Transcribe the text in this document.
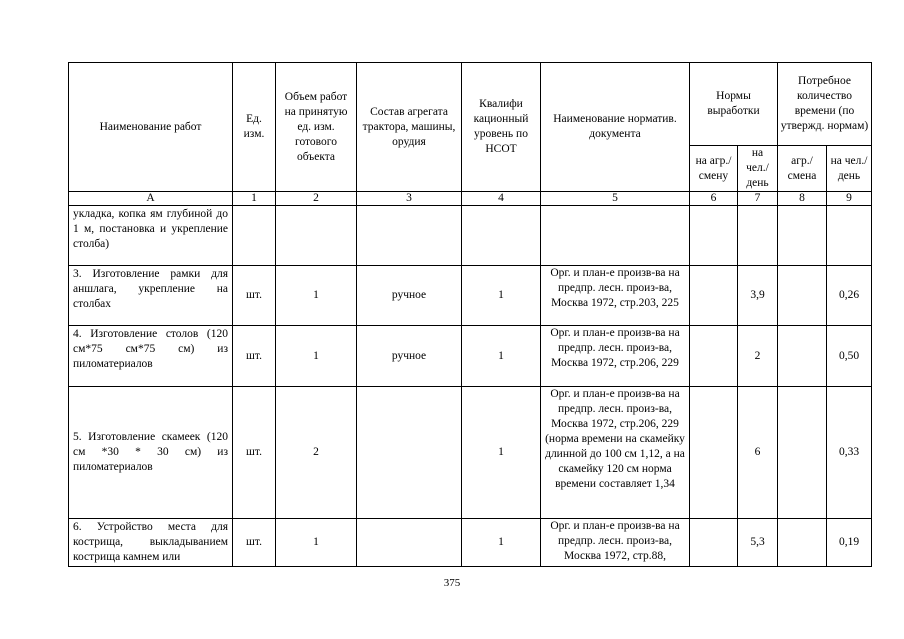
Наименование работ	Ед. изм.	Объем работ на принятую ед. изм. готового объекта	Состав агрегата трактора, машины, орудия	Квалифи кационный уровень по НСОТ	Наименование норматив. документа	Нормы выработки		Потребное количество времени (по утвержд. нормам)	
						на агр./ смену	на чел./ день	агр./ смена	на чел./ день
А	1	2	3	4	5	6	7	8	9
укладка, копка ям глубиной до 1 м, постановка и укрепление столба)									
3. Изготовление рамки для аншлага, укрепление на столбах	шт.	1	ручное	1	Орг. и план-е произв-ва на предпр. лесн. произ-ва, Москва 1972, стр.203, 225		3,9		0,26
4. Изготовление столов (120 см*75 см*75 см) из пиломатериалов	шт.	1	ручное	1	Орг. и план-е произв-ва на предпр. лесн. произ-ва, Москва 1972, стр.206, 229		2		0,50
5. Изготовление скамеек (120 см *30 * 30 см) из пиломатериалов	шт.	2		1	Орг. и план-е произв-ва на предпр. лесн. произ-ва, Москва 1972, стр.206, 229 (норма времени на скамейку длинной до 100 см 1,12, а на скамейку 120 см норма времени составляет 1,34		6		0,33
6. Устройство места для кострища, выкладыванием кострища камнем или	шт.	1		1	Орг. и план-е произв-ва на предпр. лесн. произ-ва, Москва 1972, стр.88,		5,3		0,19
375
